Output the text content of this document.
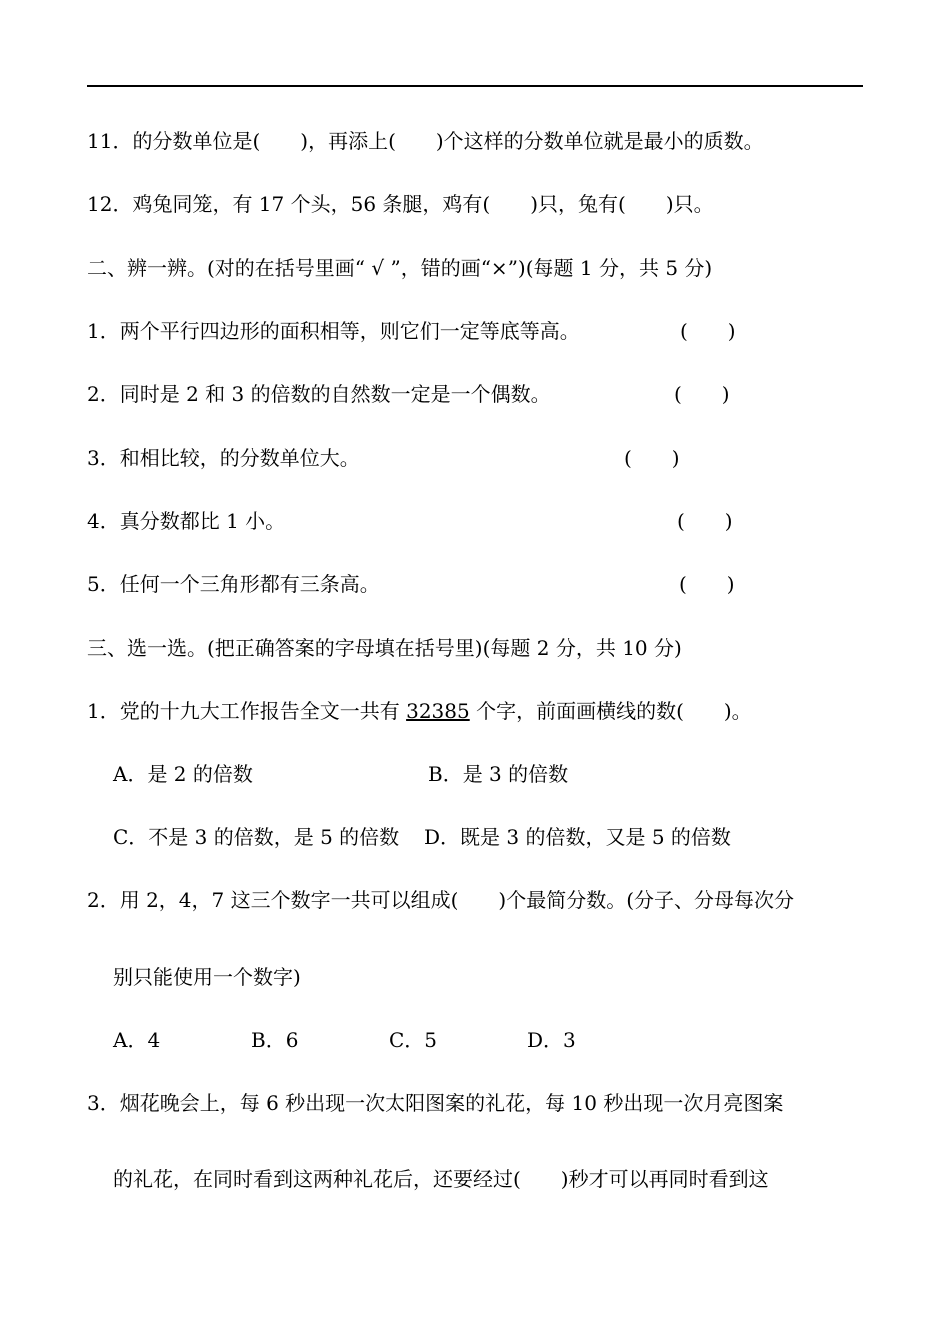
11．的分数单位是(　　)，再添上(　　)个这样的分数单位就是最小的质数。
12．鸡兔同笼，有 17 个头，56 条腿，鸡有(　　)只，兔有(　　)只。
二、辨一辨。(对的在括号里画“ √ ”，错的画“×”)(每题 1 分，共 5 分)
1．两个平行四边形的面积相等，则它们一定等底等高。	(　　)
2．同时是 2 和 3 的倍数的自然数一定是一个偶数。	(　　)
3．和相比较，的分数单位大。	(　　)
4．真分数都比 1 小。	(　　)
5．任何一个三角形都有三条高。	(　　)
三、选一选。(把正确答案的字母填在括号里)(每题 2 分，共 10 分)
1．党的十九大工作报告全文一共有 32385 个字，前面画横线的数(　　)。
A．是 2 的倍数	B．是 3 的倍数
C．不是 3 的倍数，是 5 的倍数 D．既是 3 的倍数，又是 5 的倍数
2．用 2，4，7 这三个数字一共可以组成(　　)个最简分数。(分子、分母每次分
别只能使用一个数字)
A．4	B．6	C．5	D．3
3．烟花晚会上，每 6 秒出现一次太阳图案的礼花，每 10 秒出现一次月亮图案
的礼花，在同时看到这两种礼花后，还要经过(　　)秒才可以再同时看到这
